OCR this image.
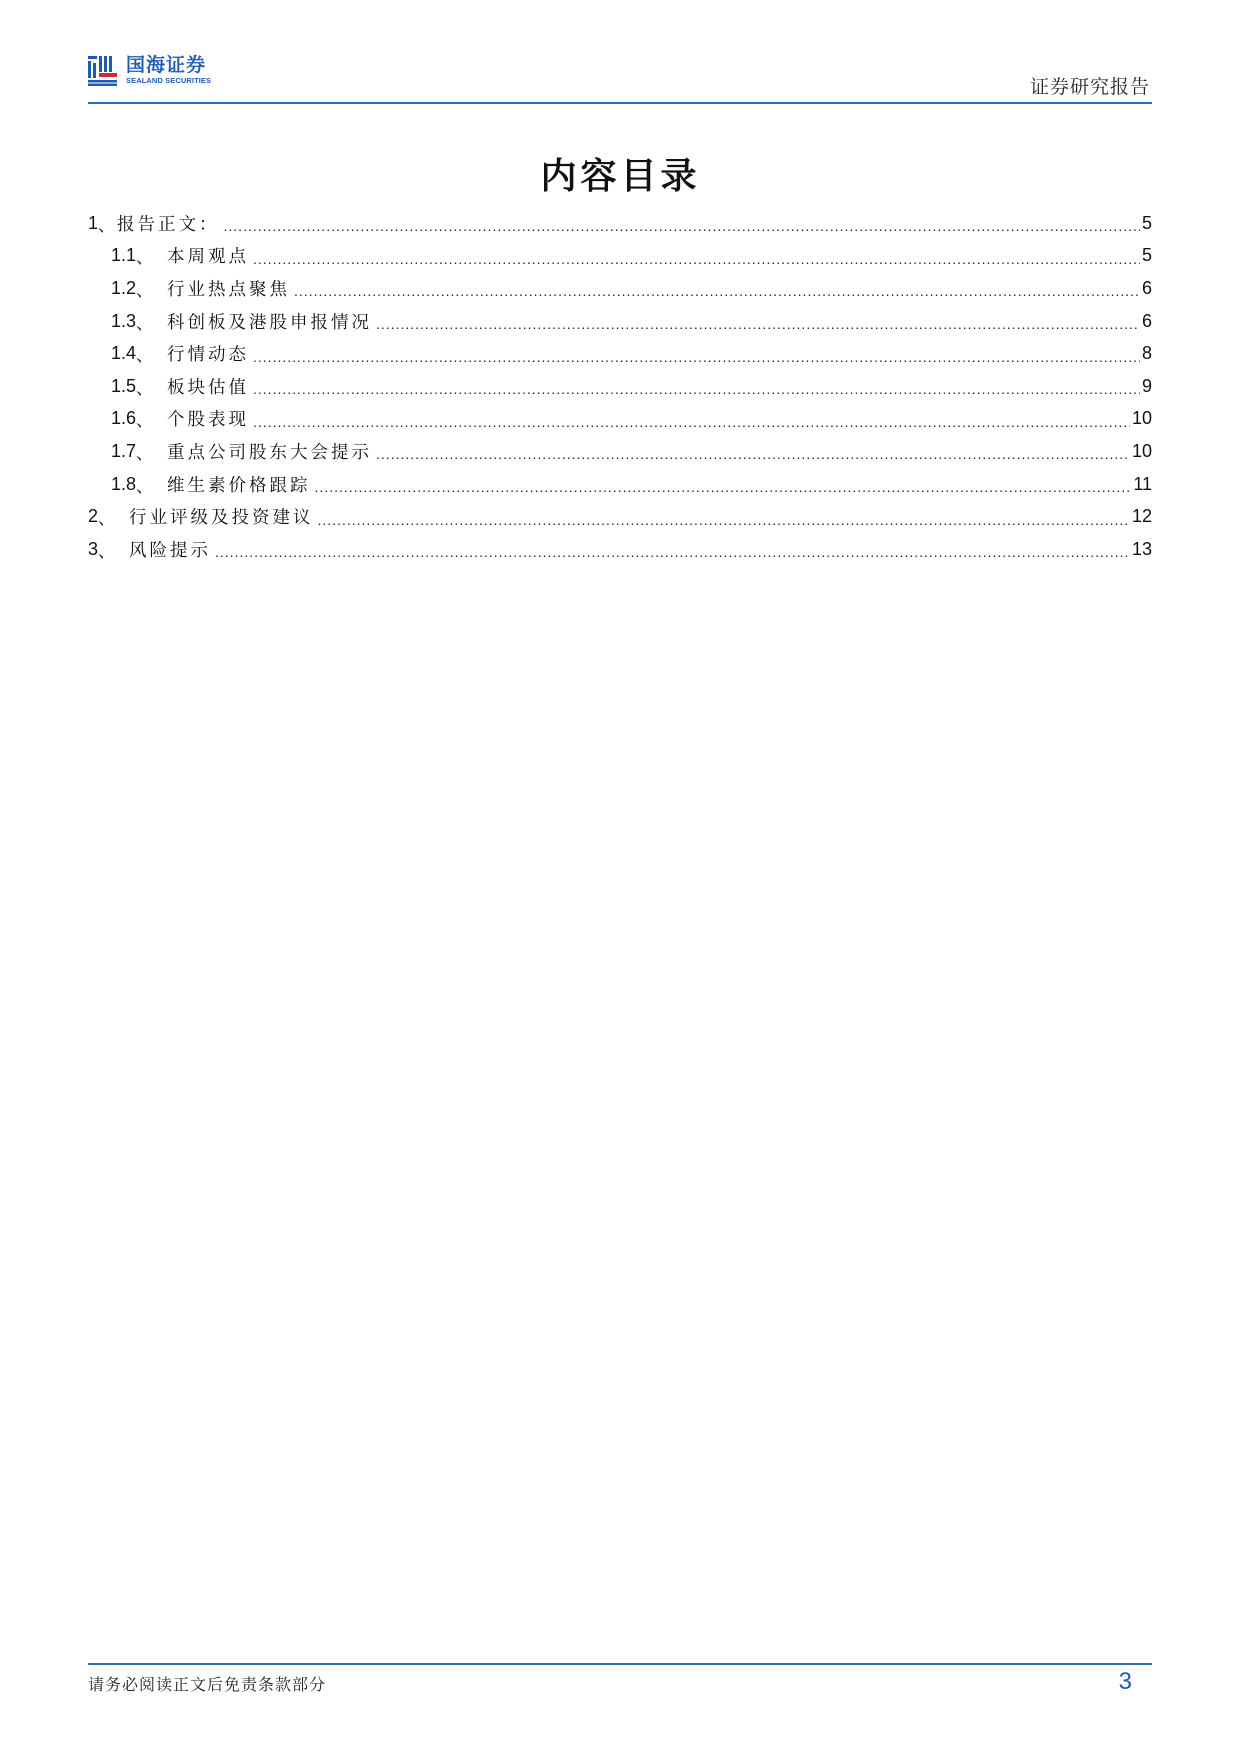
国海证券
SEALAND SECURITIES	证券研究报告
内容目录
1 、 报告正文： .....	5
1.1 、 本周观点 .....	5
1.2 、 行业热点聚焦 .....	6
1.3 、 科创板及港股申报情况 .....	6
1.4 、 行情动态 .....	8
1.5 、 板块估值 .....	9
1.6 、 个股表现 .....	10
1.7 、 重点公司股东大会提示 .....	10
1.8 、 维生素价格跟踪 .....	11
2 、 行业评级及投资建议 .....	12
3 、 风险提示 .....	13
请务必阅读正文后免责条款部分	3
